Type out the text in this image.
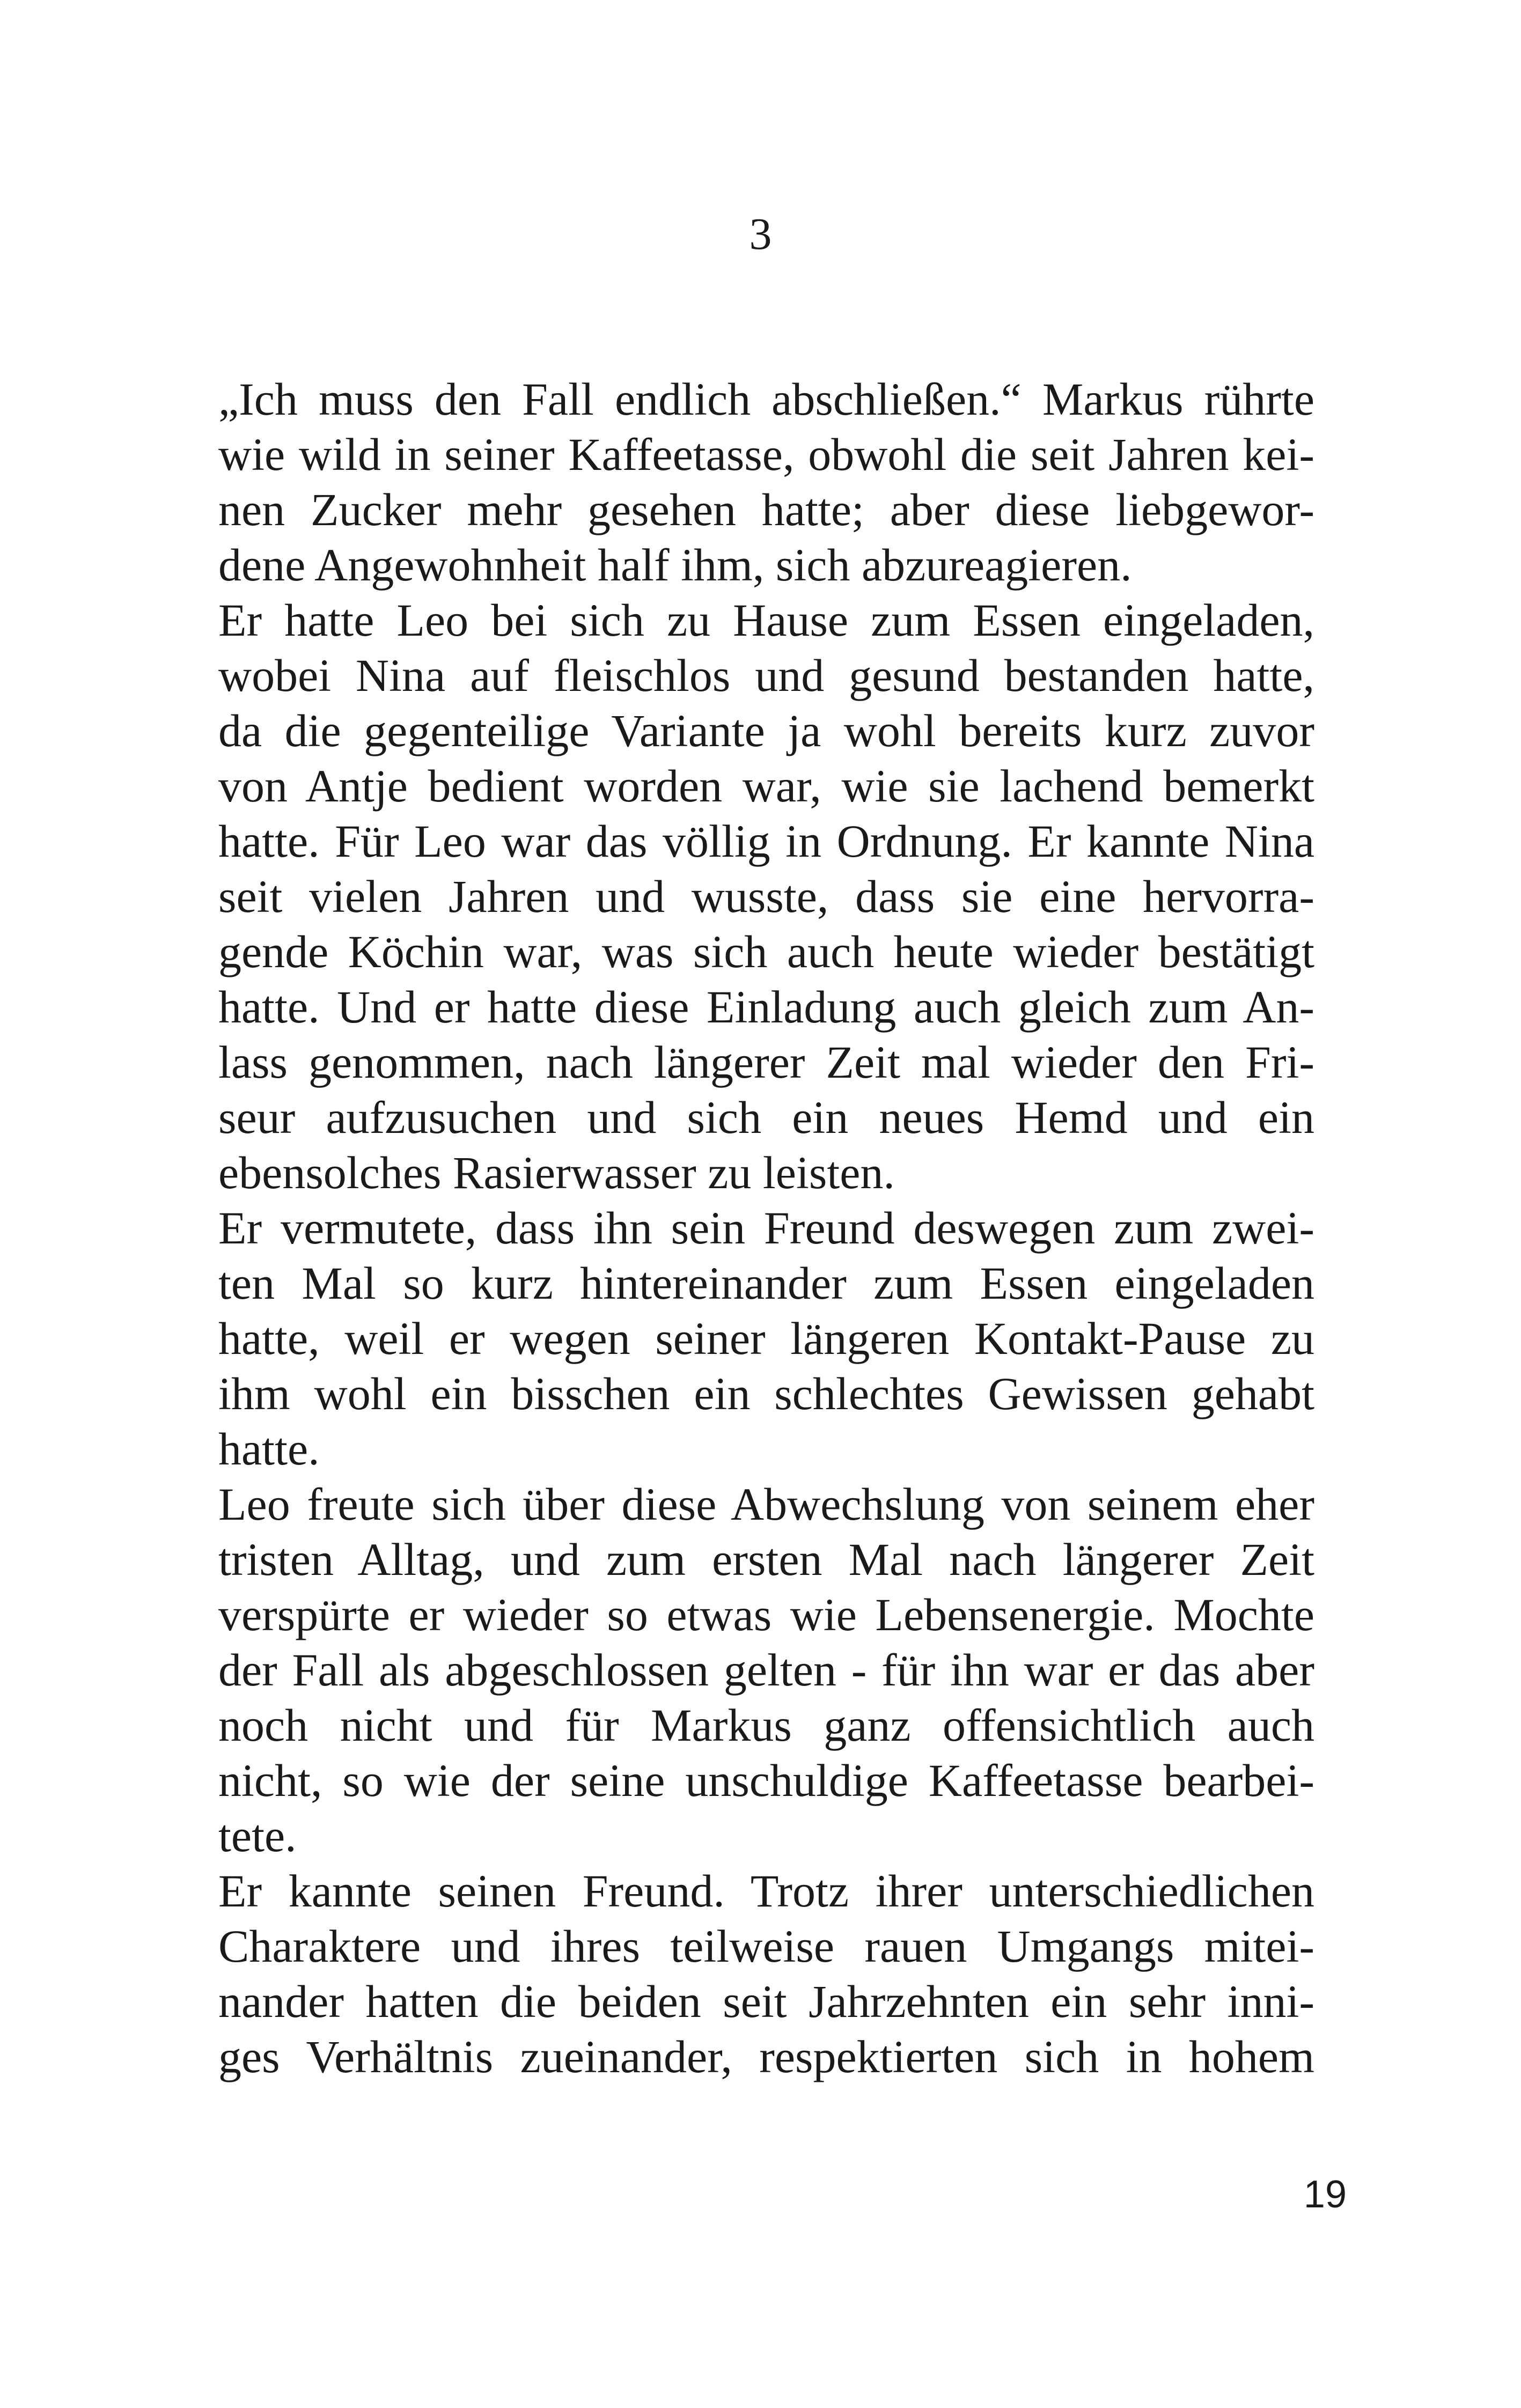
3
„Ich muss den Fall endlich abschließen.“ Markus rührte
wie wild in seiner Kaffeetasse, obwohl die seit Jahren kei-
nen Zucker mehr gesehen hatte; aber diese liebgewor-
dene Angewohnheit half ihm, sich abzureagieren.
Er hatte Leo bei sich zu Hause zum Essen eingeladen,
wobei Nina auf fleischlos und gesund bestanden hatte,
da die gegenteilige Variante ja wohl bereits kurz zuvor
von Antje bedient worden war, wie sie lachend bemerkt
hatte. Für Leo war das völlig in Ordnung. Er kannte Nina
seit vielen Jahren und wusste, dass sie eine hervorra-
gende Köchin war, was sich auch heute wieder bestätigt
hatte. Und er hatte diese Einladung auch gleich zum An-
lass genommen, nach längerer Zeit mal wieder den Fri-
seur aufzusuchen und sich ein neues Hemd und ein
ebensolches Rasierwasser zu leisten.
Er vermutete, dass ihn sein Freund deswegen zum zwei-
ten Mal so kurz hintereinander zum Essen eingeladen
hatte, weil er wegen seiner längeren Kontakt-Pause zu
ihm wohl ein bisschen ein schlechtes Gewissen gehabt
hatte.
Leo freute sich über diese Abwechslung von seinem eher
tristen Alltag, und zum ersten Mal nach längerer Zeit
verspürte er wieder so etwas wie Lebensenergie. Mochte
der Fall als abgeschlossen gelten - für ihn war er das aber
noch nicht und für Markus ganz offensichtlich auch
nicht, so wie der seine unschuldige Kaffeetasse bearbei-
tete.
Er kannte seinen Freund. Trotz ihrer unterschiedlichen
Charaktere und ihres teilweise rauen Umgangs mitei-
nander hatten die beiden seit Jahrzehnten ein sehr inni-
ges Verhältnis zueinander, respektierten sich in hohem
19
